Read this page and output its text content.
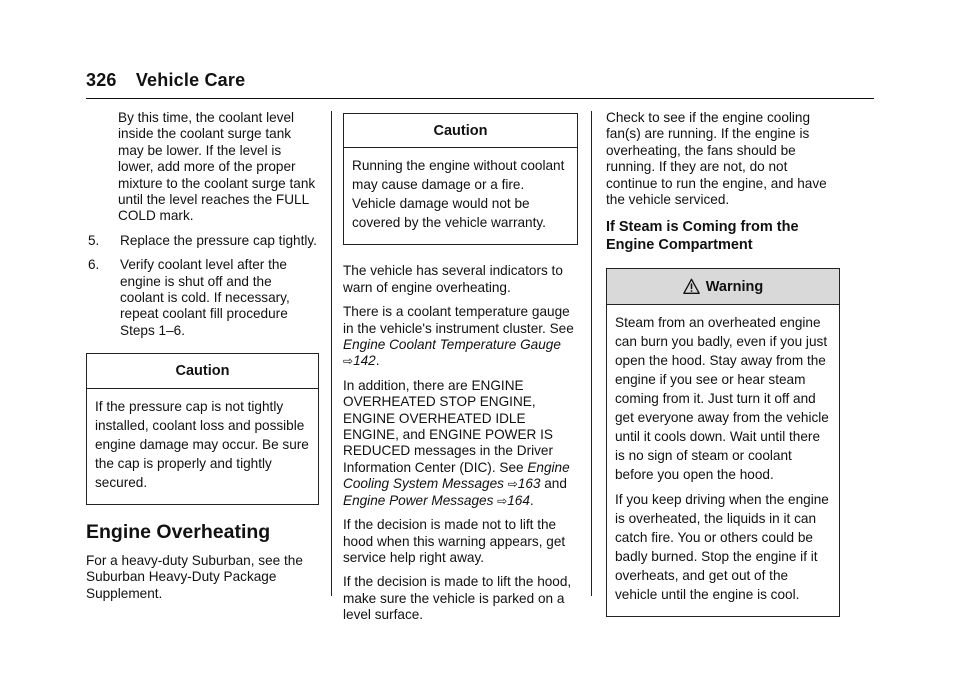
326 Vehicle Care

By this time, the coolant level inside the coolant surge tank may be lower. If the level is lower, add more of the proper mixture to the coolant surge tank until the level reaches the FULL COLD mark.

5.	Replace the pressure cap tightly.
6.	Verify coolant level after the engine is shut off and the coolant is cold. If necessary, repeat coolant fill procedure Steps 1–6.
Caution

If the pressure cap is not tightly installed, coolant loss and possible engine damage may occur. Be sure the cap is properly and tightly secured.

Engine Overheating

For a heavy-duty Suburban, see the Suburban Heavy-Duty Package Supplement.

Caution

Running the engine without coolant may cause damage or a fire. Vehicle damage would not be covered by the vehicle warranty.

The vehicle has several indicators to warn of engine overheating.

There is a coolant temperature gauge in the vehicle's instrument cluster. See Engine Coolant Temperature Gauge ⇨142.

In addition, there are ENGINE OVERHEATED STOP ENGINE, ENGINE OVERHEATED IDLE ENGINE, and ENGINE POWER IS REDUCED messages in the Driver Information Center (DIC). See Engine Cooling System Messages ⇨163 and Engine Power Messages ⇨164.

If the decision is made not to lift the hood when this warning appears, get service help right away.

If the decision is made to lift the hood, make sure the vehicle is parked on a level surface.

Check to see if the engine cooling fan(s) are running. If the engine is overheating, the fans should be running. If they are not, do not continue to run the engine, and have the vehicle serviced.

If Steam is Coming from the Engine Compartment
Warning

Steam from an overheated engine can burn you badly, even if you just open the hood. Stay away from the engine if you see or hear steam coming from it. Just turn it off and get everyone away from the vehicle until it cools down. Wait until there is no sign of steam or coolant before you open the hood.

If you keep driving when the engine is overheated, the liquids in it can catch fire. You or others could be badly burned. Stop the engine if it overheats, and get out of the vehicle until the engine is cool.
